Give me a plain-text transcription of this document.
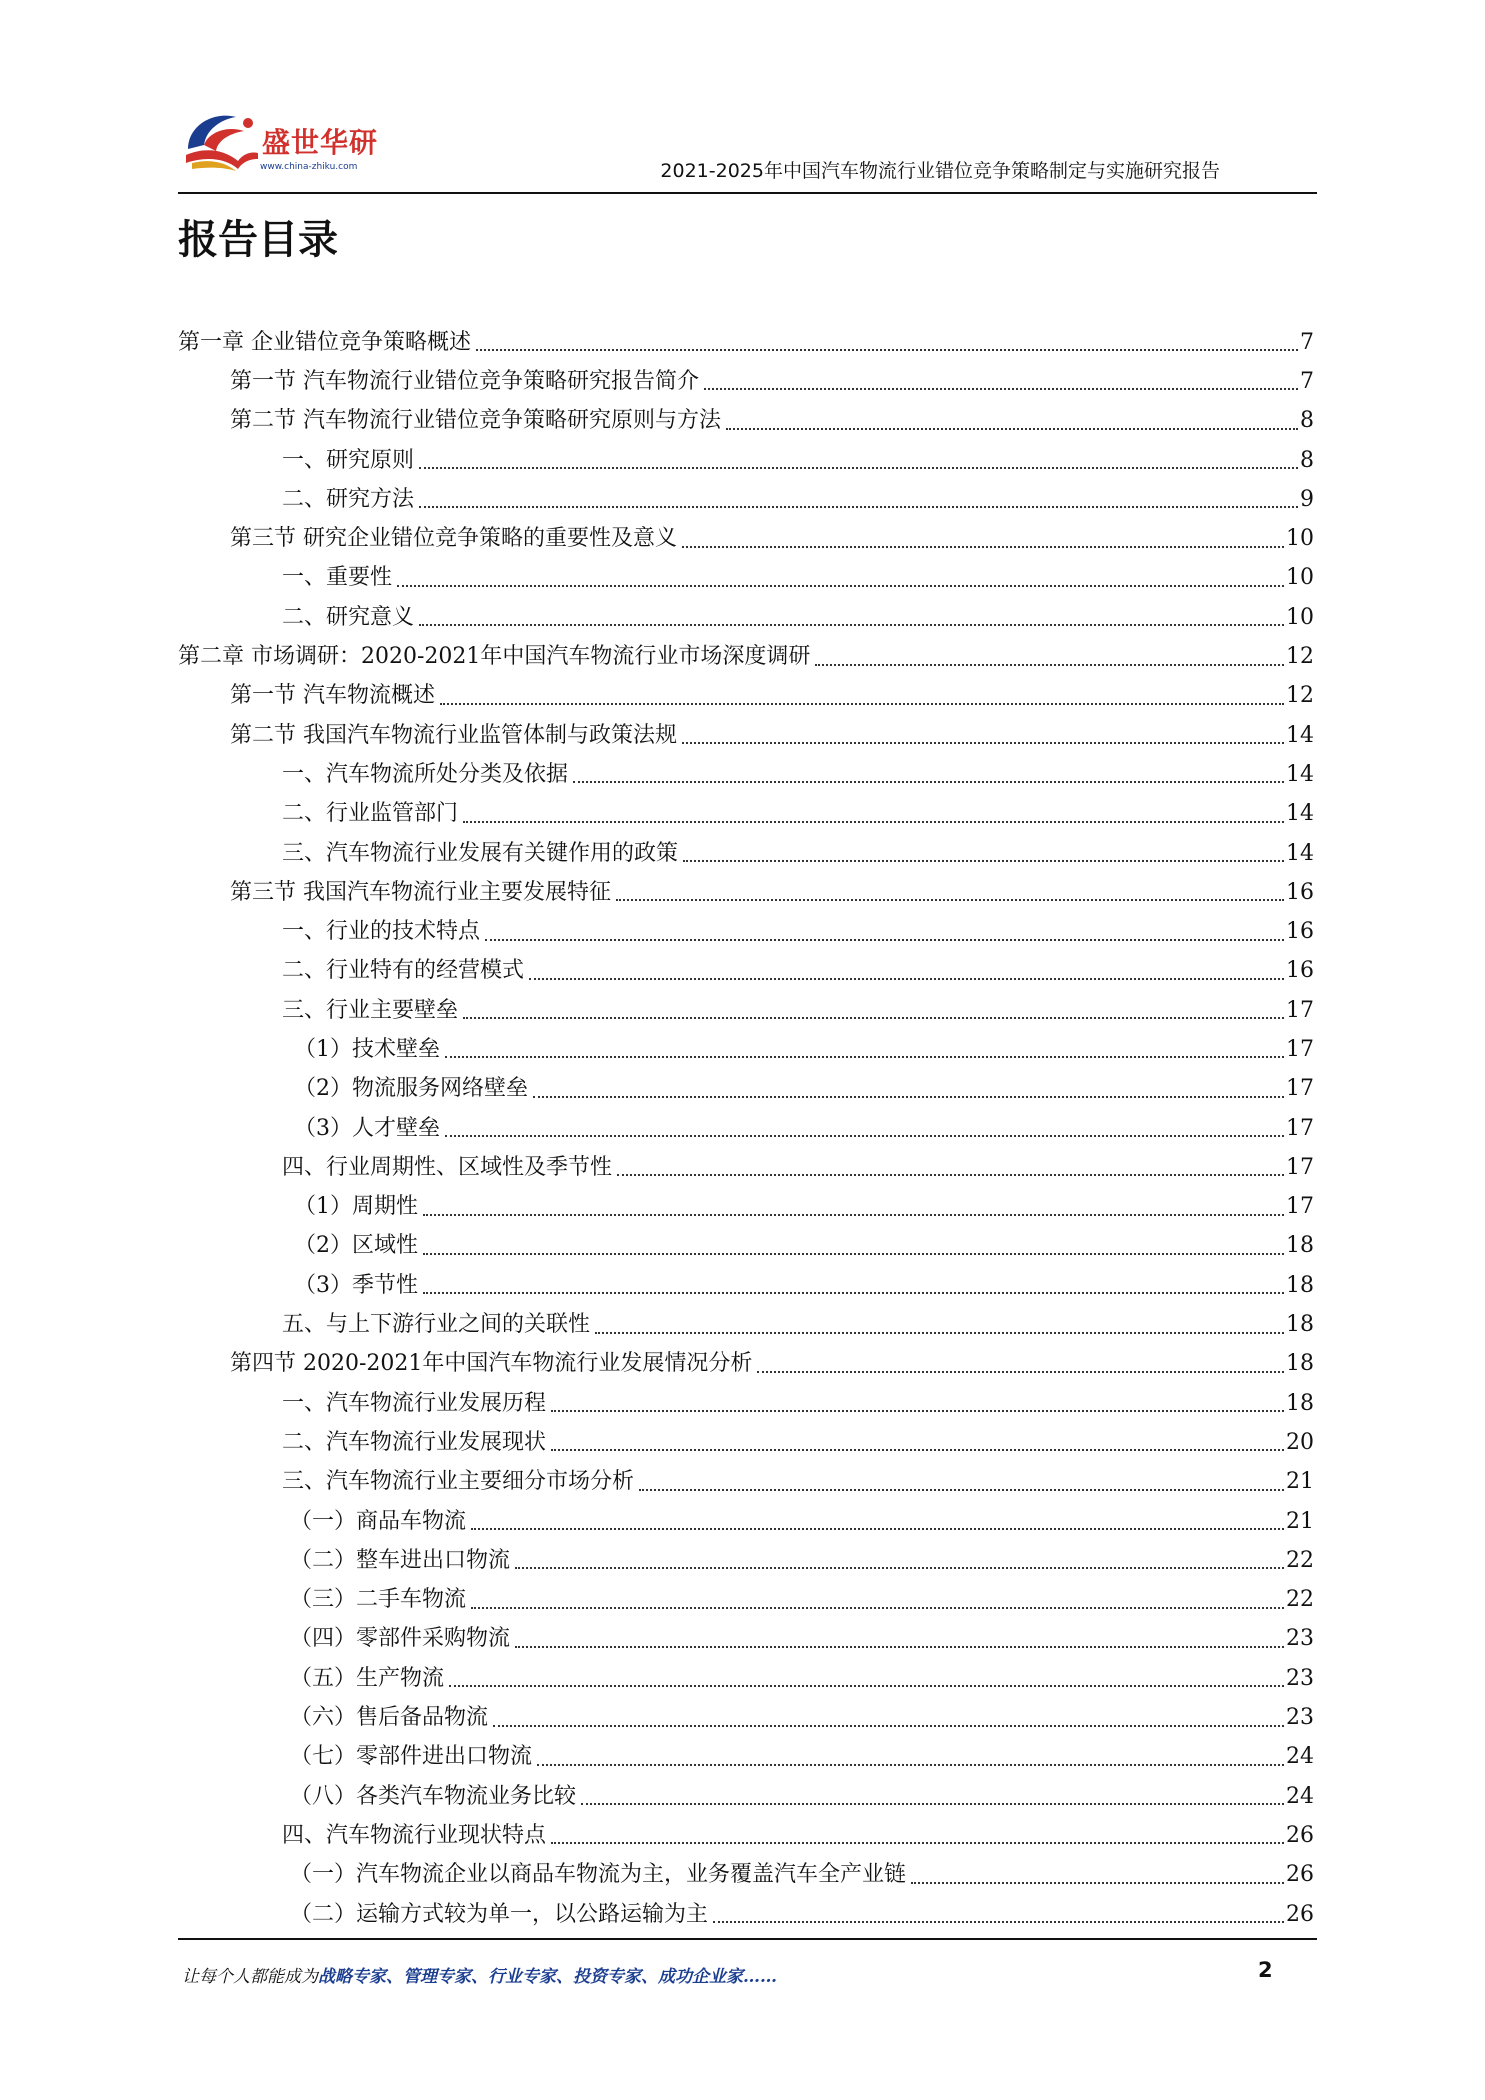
盛世华研
www.china-zhiku.com	2021-2025年中国汽车物流行业错位竞争策略制定与实施研究报告
报告目录
第一章 企业错位竞争策略概述	7
第一节 汽车物流行业错位竞争策略研究报告简介	7
第二节 汽车物流行业错位竞争策略研究原则与方法	8
一、研究原则	8
二、研究方法	9
第三节 研究企业错位竞争策略的重要性及意义	10
一、重要性	10
二、研究意义	10
第二章 市场调研：2020-2021年中国汽车物流行业市场深度调研	12
第一节 汽车物流概述	12
第二节 我国汽车物流行业监管体制与政策法规	14
一、汽车物流所处分类及依据	14
二、行业监管部门	14
三、汽车物流行业发展有关键作用的政策	14
第三节 我国汽车物流行业主要发展特征	16
一、行业的技术特点	16
二、行业特有的经营模式	16
三、行业主要壁垒	17
（1）技术壁垒	17
（2）物流服务网络壁垒	17
（3）人才壁垒	17
四、行业周期性、区域性及季节性	17
（1）周期性	17
（2）区域性	18
（3）季节性	18
五、与上下游行业之间的关联性	18
第四节 2020-2021年中国汽车物流行业发展情况分析	18
一、汽车物流行业发展历程	18
二、汽车物流行业发展现状	20
三、汽车物流行业主要细分市场分析	21
（一）商品车物流	21
（二）整车进出口物流	22
（三）二手车物流	22
（四）零部件采购物流	23
（五）生产物流	23
（六）售后备品物流	23
（七）零部件进出口物流	24
（八）各类汽车物流业务比较	24
四、汽车物流行业现状特点	26
（一）汽车物流企业以商品车物流为主，业务覆盖汽车全产业链	26
（二）运输方式较为单一，以公路运输为主	26
让每个人都能成为战略专家、管理专家、行业专家、投资专家、成功企业家……	2
